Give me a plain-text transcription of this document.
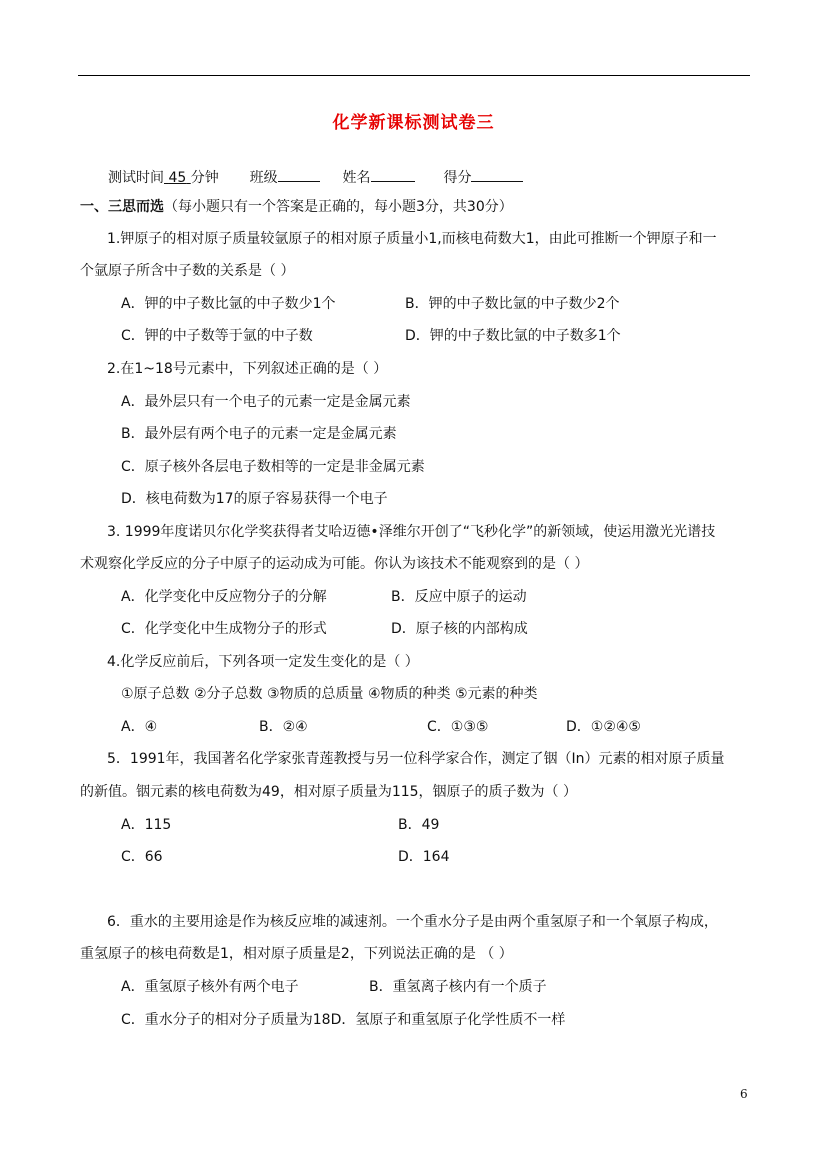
化学新课标测试卷三
测试时间 45 分钟 班级	姓名	得分
一、三思而选（每小题只有一个答案是正确的，每小题3分，共30分）
1.钾原子的相对原子质量较氩原子的相对原子质量小1,而核电荷数大1，由此可推断一个钾原子和一
个氩原子所含中子数的关系是（ ）
A．钾的中子数比氩的中子数少1个	B．钾的中子数比氩的中子数少2个
C．钾的中子数等于氩的中子数	D．钾的中子数比氩的中子数多1个
2.在1~18号元素中，下列叙述正确的是（ ）
A．最外层只有一个电子的元素一定是金属元素
B．最外层有两个电子的元素一定是金属元素
C．原子核外各层电子数相等的一定是非金属元素
D．核电荷数为17的原子容易获得一个电子
3. 1999年度诺贝尔化学奖获得者艾哈迈德•泽维尔开创了“飞秒化学”的新领域，使运用激光光谱技
术观察化学反应的分子中原子的运动成为可能。你认为该技术不能观察到的是（ ）
A．化学变化中反应物分子的分解	B．反应中原子的运动
C．化学变化中生成物分子的形式	D．原子核的内部构成
4.化学反应前后，下列各项一定发生变化的是（ ）
①原子总数 ②分子总数 ③物质的总质量 ④物质的种类 ⑤元素的种类
A．④	B．②④	C．①③⑤	D．①②④⑤
5．1991年，我国著名化学家张青莲教授与另一位科学家合作，测定了铟（In）元素的相对原子质量
的新值。铟元素的核电荷数为49，相对原子质量为115，铟原子的质子数为（ ）
A．115	B．49
C．66	D．164
6．重水的主要用途是作为核反应堆的减速剂。一个重水分子是由两个重氢原子和一个氧原子构成，
重氢原子的核电荷数是1，相对原子质量是2，下列说法正确的是 （ ）
A．重氢原子核外有两个电子	B．重氢离子核内有一个质子
C．重水分子的相对分子质量为18D．氢原子和重氢原子化学性质不一样
6
